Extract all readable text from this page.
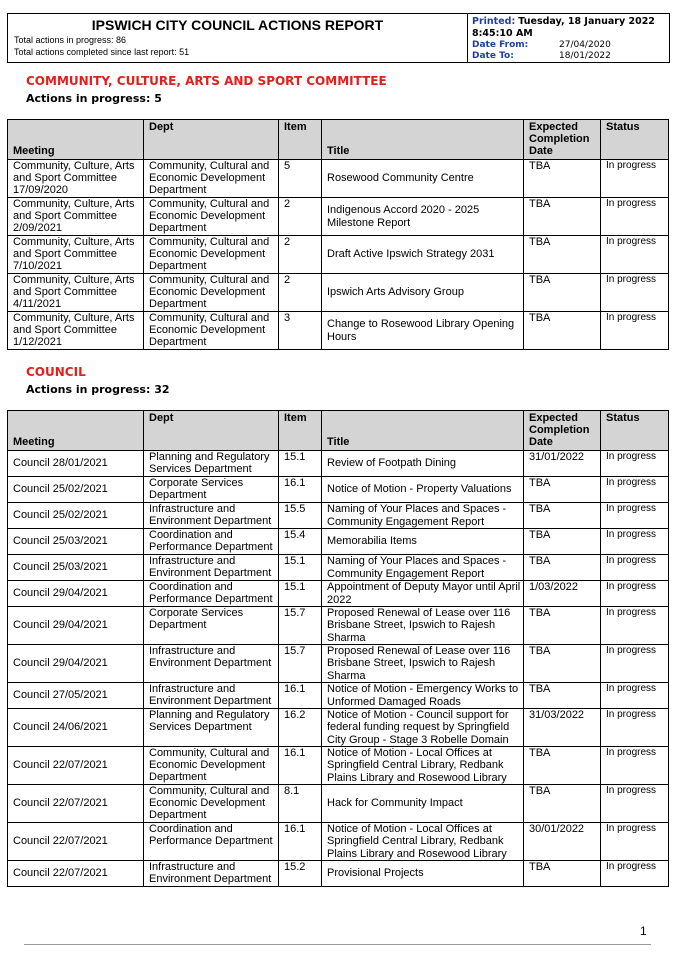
IPSWICH CITY COUNCIL ACTIONS REPORT
Total actions in progress: 86
Total actions completed since last report: 51
Printed: Tuesday, 18 January 2022
8:45:10 AM
Date From:	27/04/2020
Date To:	18/01/2022
COMMUNITY, CULTURE, ARTS AND SPORT COMMITTEE
Actions in progress: 5
Meeting	Dept	Item	Title	Expected Completion Date	Status
Community, Culture, Arts and Sport Committee 17/09/2020	Community, Cultural and Economic Development Department	5	Rosewood Community Centre	TBA	In progress
Community, Culture, Arts and Sport Committee 2/09/2021	Community, Cultural and Economic Development Department	2	Indigenous Accord 2020 - 2025 Milestone Report	TBA	In progress
Community, Culture, Arts and Sport Committee 7/10/2021	Community, Cultural and Economic Development Department	2	Draft Active Ipswich Strategy 2031	TBA	In progress
Community, Culture, Arts and Sport Committee 4/11/2021	Community, Cultural and Economic Development Department	2	Ipswich Arts Advisory Group	TBA	In progress
Community, Culture, Arts and Sport Committee 1/12/2021	Community, Cultural and Economic Development Department	3	Change to Rosewood Library Opening Hours	TBA	In progress
COUNCIL
Actions in progress: 32
Meeting	Dept	Item	Title	Expected Completion Date	Status
Council 28/01/2021	Planning and Regulatory Services Department	15.1	Review of Footpath Dining	31/01/2022	In progress
Council 25/02/2021	Corporate Services Department	16.1	Notice of Motion - Property Valuations	TBA	In progress
Council 25/02/2021	Infrastructure and Environment Department	15.5	Naming of Your Places and Spaces - Community Engagement Report	TBA	In progress
Council 25/03/2021	Coordination and Performance Department	15.4	Memorabilia Items	TBA	In progress
Council 25/03/2021	Infrastructure and Environment Department	15.1	Naming of Your Places and Spaces - Community Engagement Report	TBA	In progress
Council 29/04/2021	Coordination and Performance Department	15.1	Appointment of Deputy Mayor until April 2022	1/03/2022	In progress
Council 29/04/2021	Corporate Services Department	15.7	Proposed Renewal of Lease over 116 Brisbane Street, Ipswich to Rajesh Sharma	TBA	In progress
Council 29/04/2021	Infrastructure and Environment Department	15.7	Proposed Renewal of Lease over 116 Brisbane Street, Ipswich to Rajesh Sharma	TBA	In progress
Council 27/05/2021	Infrastructure and Environment Department	16.1	Notice of Motion - Emergency Works to Unformed Damaged Roads	TBA	In progress
Council 24/06/2021	Planning and Regulatory Services Department	16.2	Notice of Motion - Council support for federal funding request by Springfield City Group - Stage 3 Robelle Domain	31/03/2022	In progress
Council 22/07/2021	Community, Cultural and Economic Development Department	16.1	Notice of Motion - Local Offices at Springfield Central Library, Redbank Plains Library and Rosewood Library	TBA	In progress
Council 22/07/2021	Community, Cultural and Economic Development Department	8.1	Hack for Community Impact	TBA	In progress
Council 22/07/2021	Coordination and Performance Department	16.1	Notice of Motion - Local Offices at Springfield Central Library, Redbank Plains Library and Rosewood Library	30/01/2022	In progress
Council 22/07/2021	Infrastructure and Environment Department	15.2	Provisional Projects	TBA	In progress
1
